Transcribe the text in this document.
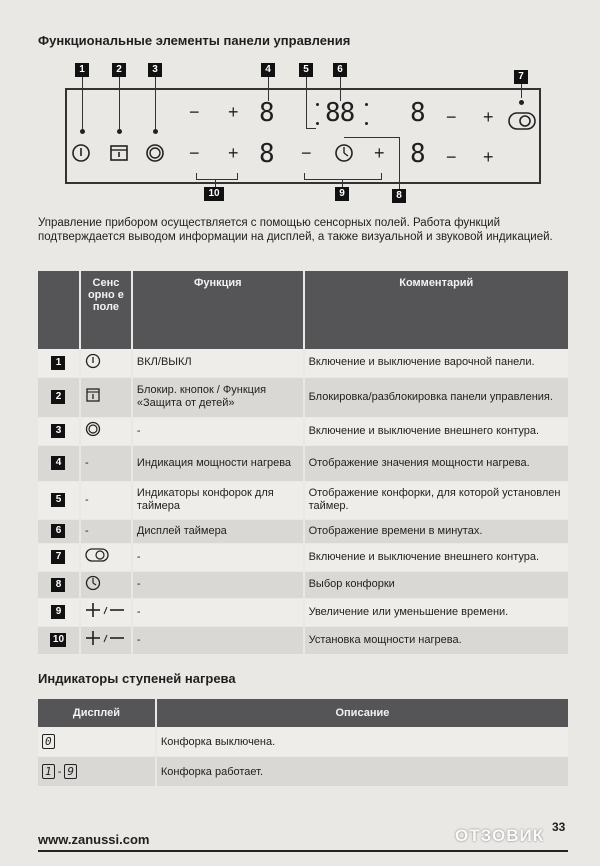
Функциональные элементы панели управления
1	2	3	4	5	6
7
− + 8 88 8 − +
− + 8 −	+ 8 − +
10	9	8
Управление прибором осуществляется с помощью сенсорных полей. Работа функций подтверждается выводом информации на дисплей, а также визуальной и звуковой индикацией.
	Сенс орно е поле	Функция	Комментарий
1		ВКЛ/ВЫКЛ	Включение и выключение варочной панели.
2		Блокир. кнопок / Функция «Защита от детей»	Блокировка/разблокировка панели управления.
3		-	Включение и выключение внешнего контура.
4	-	Индикация мощности нагрева	Отображение значения мощности нагрева.
5	-	Индикаторы конфорок для таймера	Отображение конфорки, для которой установлен таймер.
6	-	Дисплей таймера	Отображение времени в минутах.
7		-	Включение и выключение внешнего контура.
8		-	Выбор конфорки
9		-	Увеличение или уменьшение времени.
10		-	Установка мощности нагрева.
Индикаторы ступеней нагрева
Дисплей	Описание
0	Конфорка выключена.
1 - 9	Конфорка работает.
www.zanussi.com
33
ОТЗОВИК
